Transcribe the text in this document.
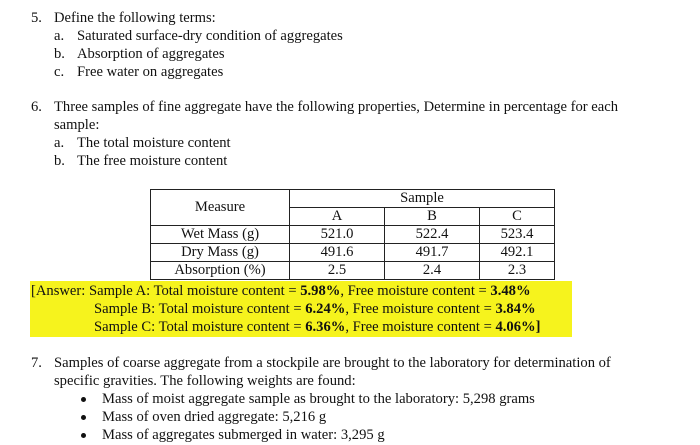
5. Define the following terms:
a. Saturated surface-dry condition of aggregates
b. Absorption of aggregates
c. Free water on aggregates
6. Three samples of fine aggregate have the following properties, Determine in percentage for each
sample:
a. The total moisture content
b. The free moisture content
Measure	Sample		
	A	B	C
Wet Mass (g)	521.0	522.4	523.4
Dry Mass (g)	491.6	491.7	492.1
Absorption (%)	2.5	2.4	2.3
[Answer: Sample A: Total moisture content = 5.98%, Free moisture content = 3.48%
Sample B: Total moisture content = 6.24%, Free moisture content = 3.84%
Sample C: Total moisture content = 6.36%, Free moisture content = 4.06%]
7. Samples of coarse aggregate from a stockpile are brought to the laboratory for determination of
specific gravities. The following weights are found:
Mass of moist aggregate sample as brought to the laboratory: 5,298 grams
Mass of oven dried aggregate: 5,216 g
Mass of aggregates submerged in water: 3,295 g
